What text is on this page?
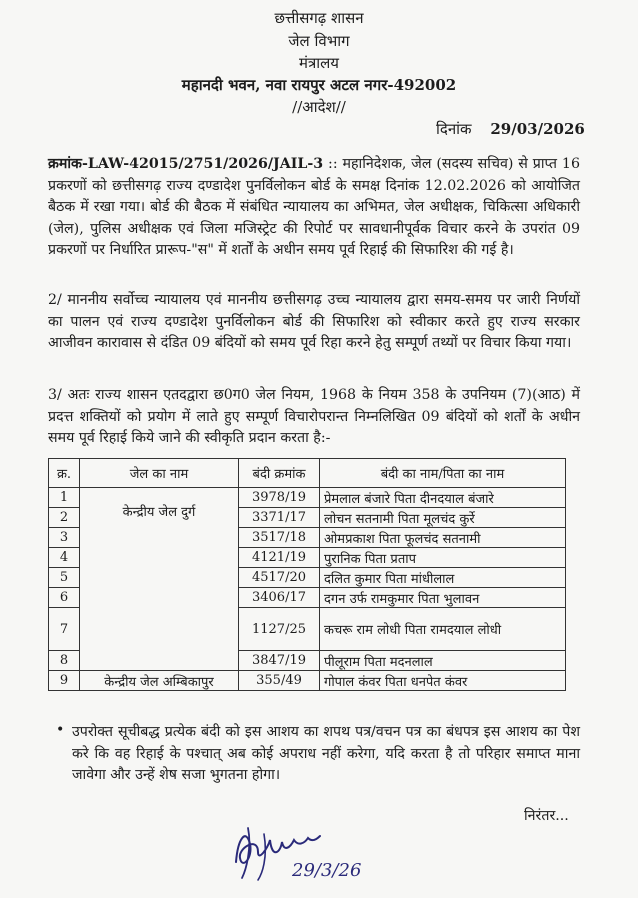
छत्तीसगढ़ शासन
जेल विभाग
मंत्रालय
महानदी भवन, नवा रायपुर अटल नगर-492002
//आदेश//
दिनांक 29/03/2026
क्रमांक-LAW-42015/2751/2026/JAIL-3 :: महानिदेशक, जेल (सदस्य सचिव) से प्राप्त 16 प्रकरणों को छत्तीसगढ़ राज्य दण्डादेश पुनर्विलोकन बोर्ड के समक्ष दिनांक 12.02.2026 को आयोजित बैठक में रखा गया। बोर्ड की बैठक में संबंधित न्यायालय का अभिमत, जेल अधीक्षक, चिकित्सा अधिकारी (जेल), पुलिस अधीक्षक एवं जिला मजिस्ट्रेट की रिपोर्ट पर सावधानीपूर्वक विचार करने के उपरांत 09 प्रकरणों पर निर्धारित प्रारूप-"स" में शर्तों के अधीन समय पूर्व रिहाई की सिफारिश की गई है।
2/ माननीय सर्वोच्च न्यायालय एवं माननीय छत्तीसगढ़ उच्च न्यायालय द्वारा समय-समय पर जारी निर्णयों का पालन एवं राज्य दण्डादेश पुनर्विलोकन बोर्ड की सिफारिश को स्वीकार करते हुए राज्य सरकार आजीवन कारावास से दंडित 09 बंदियों को समय पूर्व रिहा करने हेतु सम्पूर्ण तथ्यों पर विचार किया गया।
3/ अतः राज्य शासन एतदद्वारा छ0ग0 जेल नियम, 1968 के नियम 358 के उपनियम (7)(आठ) में प्रदत्त शक्तियों को प्रयोग में लाते हुए सम्पूर्ण विचारोपरान्त निम्नलिखित 09 बंदियों को शर्तों के अधीन समय पूर्व रिहाई किये जाने की स्वीकृति प्रदान करता है:-
क्र.	जेल का नाम	बंदी क्रमांक	बंदी का नाम/पिता का नाम
1	केन्द्रीय जेल दुर्ग	3978/19	प्रेमलाल बंजारे पिता दीनदयाल बंजारे
2		3371/17	लोचन सतनामी पिता मूलचंद कुर्रे
3		3517/18	ओमप्रकाश पिता फूलचंद सतनामी
4		4121/19	पुरानिक पिता प्रताप
5		4517/20	दलित कुमार पिता मांधीलाल
6		3406/17	दगन उर्फ रामकुमार पिता भुलावन
7		1127/25	कचरू राम लोधी पिता रामदयाल लोधी
8		3847/19	पीलूराम पिता मदनलाल
9	केन्द्रीय जेल अम्बिकापुर	355/49	गोपाल कंवर पिता धनपेत कंवर
• उपरोक्त सूचीबद्ध प्रत्येक बंदी को इस आशय का शपथ पत्र/वचन पत्र का बंधपत्र इस आशय का पेश करे कि वह रिहाई के पश्चात् अब कोई अपराध नहीं करेगा, यदि करता है तो परिहार समाप्त माना जावेगा और उन्हें शेष सजा भुगतना होगा।
निरंतर...
29/3/26
